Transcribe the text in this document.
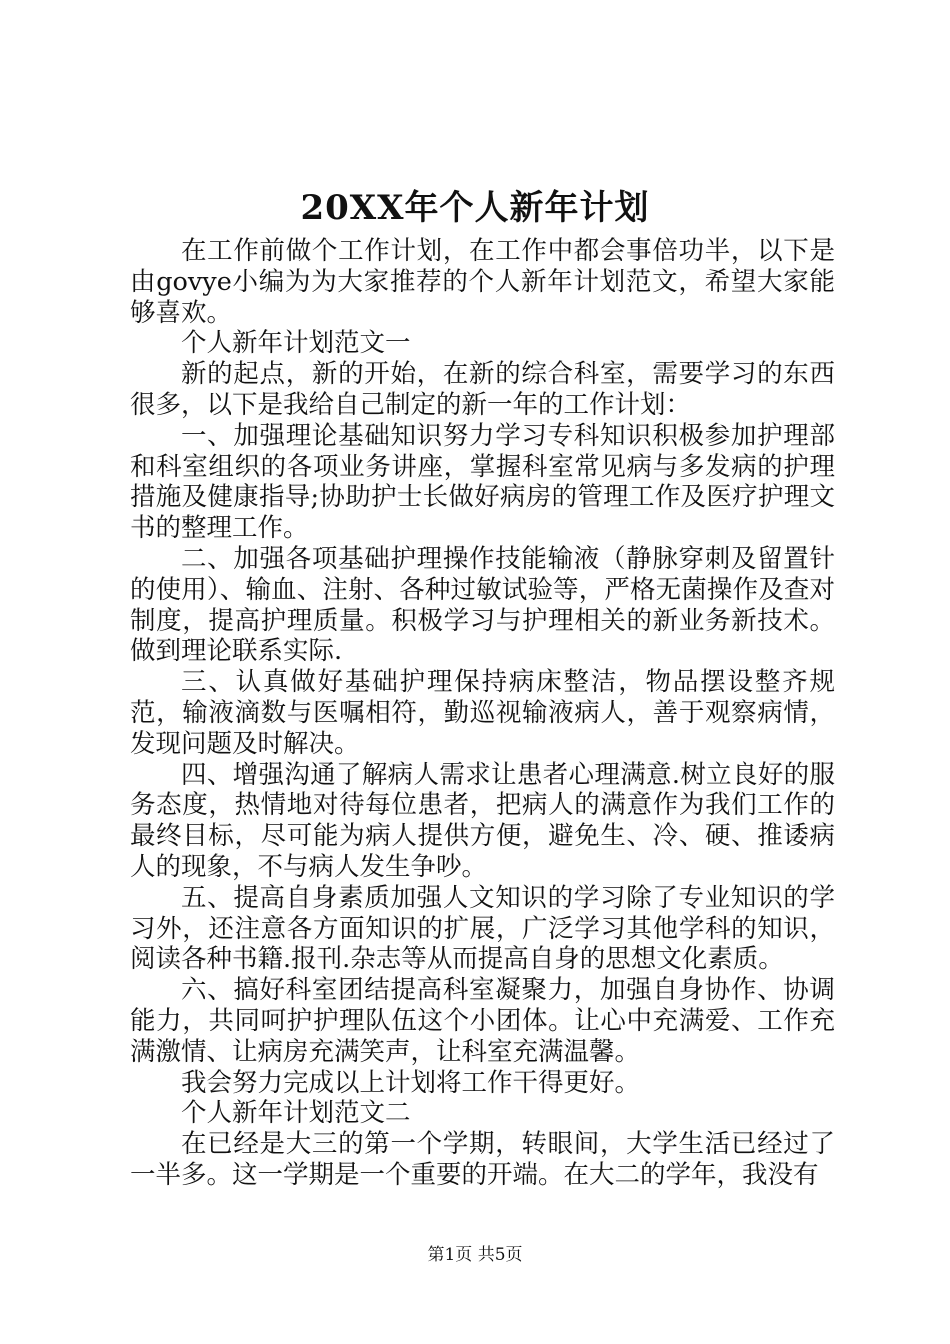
20XX年个人新年计划

在工作前做个工作计划，在工作中都会事倍功半，以下是由govye小编为为大家推荐的个人新年计划范文，希望大家能够喜欢。

个人新年计划范文一

新的起点，新的开始，在新的综合科室，需要学习的东西很多，以下是我给自己制定的新一年的工作计划：

一、加强理论基础知识努力学习专科知识积极参加护理部和科室组织的各项业务讲座，掌握科室常见病与多发病的护理措施及健康指导;协助护士长做好病房的管理工作及医疗护理文书的整理工作。

二、加强各项基础护理操作技能输液（静脉穿刺及留置针的使用）、输血、注射、各种过敏试验等，严格无菌操作及查对制度，提高护理质量。积极学习与护理相关的新业务新技术。做到理论联系实际.

三、认真做好基础护理保持病床整洁，物品摆设整齐规范，输液滴数与医嘱相符，勤巡视输液病人，善于观察病情，发现问题及时解决。

四、增强沟通了解病人需求让患者心理满意.树立良好的服务态度，热情地对待每位患者，把病人的满意作为我们工作的最终目标，尽可能为病人提供方便，避免生、冷、硬、推诿病人的现象，不与病人发生争吵。

五、提高自身素质加强人文知识的学习除了专业知识的学习外，还注意各方面知识的扩展，广泛学习其他学科的知识，阅读各种书籍.报刊.杂志等从而提高自身的思想文化素质。

六、搞好科室团结提高科室凝聚力，加强自身协作、协调能力，共同呵护护理队伍这个小团体。让心中充满爱、工作充满激情、让病房充满笑声，让科室充满温馨。

我会努力完成以上计划将工作干得更好。

个人新年计划范文二

在已经是大三的第一个学期，转眼间，大学生活已经过了一半多。这一学期是一个重要的开端。在大二的学年，我没有

第1页 共5页
